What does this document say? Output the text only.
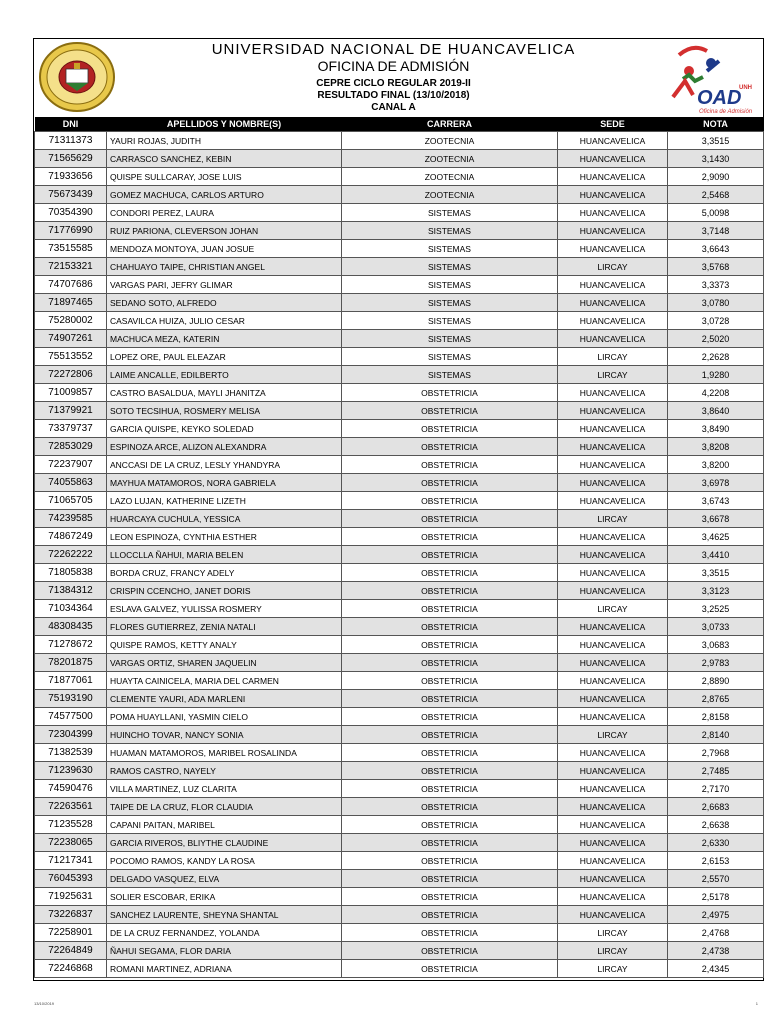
UNIVERSIDAD NACIONAL DE HUANCAVELICA
OFICINA DE ADMISIÓN
CEPRE CICLO REGULAR 2019-II
RESULTADO FINAL (13/10/2018)
CANAL A	OAD
UNH
Oficina de Admisión
DNI	APELLIDOS Y NOMBRE(S)	CARRERA	SEDE	NOTA
71311373	YAURI ROJAS, JUDITH	ZOOTECNIA	HUANCAVELICA	3,3515
71565629	CARRASCO SANCHEZ, KEBIN	ZOOTECNIA	HUANCAVELICA	3,1430
71933656	QUISPE SULLCARAY, JOSE LUIS	ZOOTECNIA	HUANCAVELICA	2,9090
75673439	GOMEZ MACHUCA, CARLOS ARTURO	ZOOTECNIA	HUANCAVELICA	2,5468
70354390	CONDORI PEREZ, LAURA	SISTEMAS	HUANCAVELICA	5,0098
71776990	RUIZ PARIONA, CLEVERSON JOHAN	SISTEMAS	HUANCAVELICA	3,7148
73515585	MENDOZA MONTOYA, JUAN JOSUE	SISTEMAS	HUANCAVELICA	3,6643
72153321	CHAHUAYO TAIPE, CHRISTIAN ANGEL	SISTEMAS	LIRCAY	3,5768
74707686	VARGAS PARI, JEFRY GLIMAR	SISTEMAS	HUANCAVELICA	3,3373
71897465	SEDANO SOTO, ALFREDO	SISTEMAS	HUANCAVELICA	3,0780
75280002	CASAVILCA HUIZA, JULIO CESAR	SISTEMAS	HUANCAVELICA	3,0728
74907261	MACHUCA MEZA, KATERIN	SISTEMAS	HUANCAVELICA	2,5020
75513552	LOPEZ ORE, PAUL ELEAZAR	SISTEMAS	LIRCAY	2,2628
72272806	LAIME ANCALLE, EDILBERTO	SISTEMAS	LIRCAY	1,9280
71009857	CASTRO BASALDUA, MAYLI JHANITZA	OBSTETRICIA	HUANCAVELICA	4,2208
71379921	SOTO TECSIHUA, ROSMERY MELISA	OBSTETRICIA	HUANCAVELICA	3,8640
73379737	GARCIA QUISPE, KEYKO SOLEDAD	OBSTETRICIA	HUANCAVELICA	3,8490
72853029	ESPINOZA ARCE, ALIZON ALEXANDRA	OBSTETRICIA	HUANCAVELICA	3,8208
72237907	ANCCASI DE LA CRUZ, LESLY YHANDYRA	OBSTETRICIA	HUANCAVELICA	3,8200
74055863	MAYHUA MATAMOROS, NORA GABRIELA	OBSTETRICIA	HUANCAVELICA	3,6978
71065705	LAZO LUJAN, KATHERINE LIZETH	OBSTETRICIA	HUANCAVELICA	3,6743
74239585	HUARCAYA CUCHULA, YESSICA	OBSTETRICIA	LIRCAY	3,6678
74867249	LEON ESPINOZA, CYNTHIA ESTHER	OBSTETRICIA	HUANCAVELICA	3,4625
72262222	LLOCCLLA ÑAHUI, MARIA BELEN	OBSTETRICIA	HUANCAVELICA	3,4410
71805838	BORDA CRUZ, FRANCY ADELY	OBSTETRICIA	HUANCAVELICA	3,3515
71384312	CRISPIN CCENCHO, JANET DORIS	OBSTETRICIA	HUANCAVELICA	3,3123
71034364	ESLAVA GALVEZ, YULISSA ROSMERY	OBSTETRICIA	LIRCAY	3,2525
48308435	FLORES GUTIERREZ, ZENIA NATALI	OBSTETRICIA	HUANCAVELICA	3,0733
71278672	QUISPE RAMOS, KETTY ANALY	OBSTETRICIA	HUANCAVELICA	3,0683
78201875	VARGAS ORTIZ, SHAREN JAQUELIN	OBSTETRICIA	HUANCAVELICA	2,9783
71877061	HUAYTA CAINICELA, MARIA DEL CARMEN	OBSTETRICIA	HUANCAVELICA	2,8890
75193190	CLEMENTE YAURI, ADA MARLENI	OBSTETRICIA	HUANCAVELICA	2,8765
74577500	POMA HUAYLLANI, YASMIN CIELO	OBSTETRICIA	HUANCAVELICA	2,8158
72304399	HUINCHO TOVAR, NANCY SONIA	OBSTETRICIA	LIRCAY	2,8140
71382539	HUAMAN MATAMOROS, MARIBEL ROSALINDA	OBSTETRICIA	HUANCAVELICA	2,7968
71239630	RAMOS CASTRO, NAYELY	OBSTETRICIA	HUANCAVELICA	2,7485
74590476	VILLA MARTINEZ, LUZ CLARITA	OBSTETRICIA	HUANCAVELICA	2,7170
72263561	TAIPE DE LA CRUZ, FLOR CLAUDIA	OBSTETRICIA	HUANCAVELICA	2,6683
71235528	CAPANI PAITAN, MARIBEL	OBSTETRICIA	HUANCAVELICA	2,6638
72238065	GARCIA RIVEROS, BLIYTHE CLAUDINE	OBSTETRICIA	HUANCAVELICA	2,6330
71217341	POCOMO RAMOS, KANDY LA ROSA	OBSTETRICIA	HUANCAVELICA	2,6153
76045393	DELGADO VASQUEZ, ELVA	OBSTETRICIA	HUANCAVELICA	2,5570
71925631	SOLIER ESCOBAR, ERIKA	OBSTETRICIA	HUANCAVELICA	2,5178
73226837	SANCHEZ LAURENTE, SHEYNA SHANTAL	OBSTETRICIA	HUANCAVELICA	2,4975
72258901	DE LA CRUZ FERNANDEZ, YOLANDA	OBSTETRICIA	LIRCAY	2,4768
72264849	ÑAHUI SEGAMA, FLOR DARIA	OBSTETRICIA	LIRCAY	2,4738
72246868	ROMANI MARTINEZ, ADRIANA	OBSTETRICIA	LIRCAY	2,4345
13/10/2019	1
